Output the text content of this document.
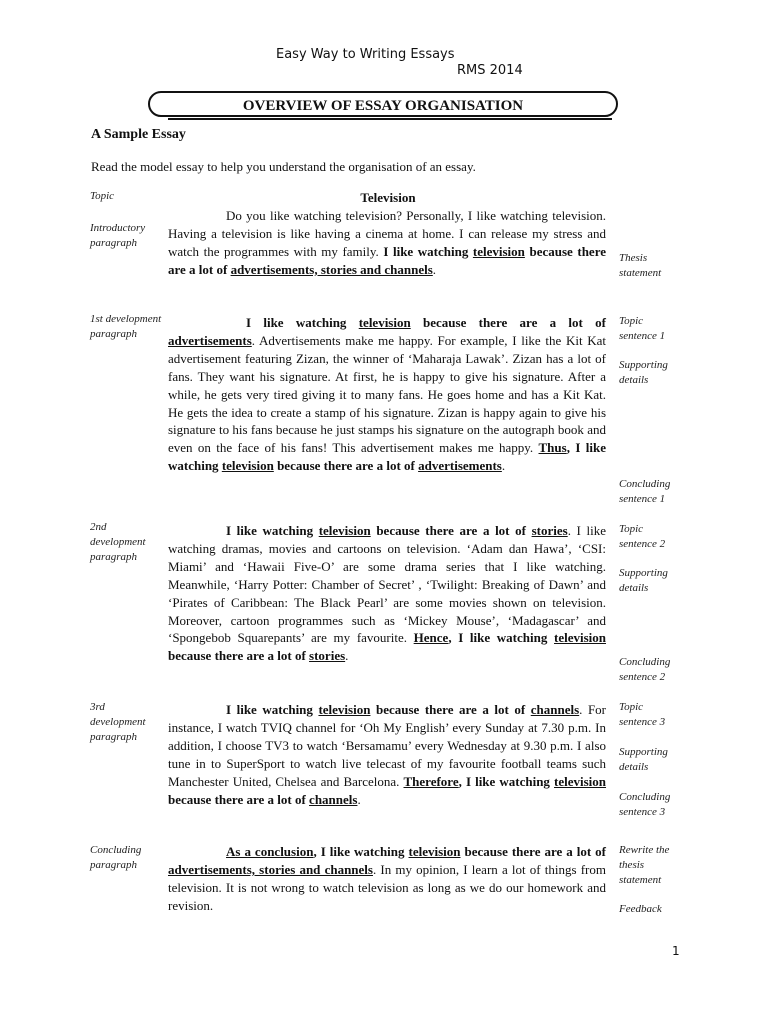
Easy Way to Writing Essays
RMS 2014
OVERVIEW OF ESSAY ORGANISATION
A Sample Essay
Read the model essay to help you understand the organisation of an essay.
Topic
Introductory paragraph
1st development paragraph
2nd development paragraph
3rd development paragraph
Concluding paragraph
Thesis statement
Topic sentence 1
Supporting details
Concluding sentence 1
Topic sentence 2
Supporting details
Concluding sentence 2
Topic sentence 3
Supporting details
Concluding sentence 3
Rewrite the thesis statement
Feedback
Television

Do you like watching television? Personally, I like watching television. Having a television is like having a cinema at home. I can release my stress and watch the programmes with my family. I like watching television because there are a lot of advertisements, stories and channels.

I like watching television because there are a lot of advertisements. Advertisements make me happy. For example, I like the Kit Kat advertisement featuring Zizan, the winner of ‘Maharaja Lawak’. Zizan has a lot of fans. They want his signature. At first, he is happy to give his signature. After a while, he gets very tired giving it to many fans. He goes home and has a Kit Kat. He gets the idea to create a stamp of his signature. Zizan is happy again to give his signature to his fans because he just stamps his signature on the autograph book and even on the face of his fans! This advertisement makes me happy. Thus, I like watching television because there are a lot of advertisements.

I like watching television because there are a lot of stories. I like watching dramas, movies and cartoons on television. ‘Adam dan Hawa’, ‘CSI: Miami’ and ‘Hawaii Five-O’ are some drama series that I like watching. Meanwhile, ‘Harry Potter: Chamber of Secret’ , ‘Twilight: Breaking of Dawn’ and ‘Pirates of Caribbean: The Black Pearl’ are some movies shown on television. Moreover, cartoon programmes such as ‘Mickey Mouse’, ‘Madagascar’ and ‘Spongebob Squarepants’ are my favourite. Hence, I like watching television because there are a lot of stories.

I like watching television because there are a lot of channels. For instance, I watch TVIQ channel for ‘Oh My English’ every Sunday at 7.30 p.m. In addition, I choose TV3 to watch ‘Bersamamu’ every Wednesday at 9.30 p.m. I also tune in to SuperSport to watch live telecast of my favourite football teams such Manchester United, Chelsea and Barcelona. Therefore, I like watching television because there are a lot of channels.

As a conclusion, I like watching television because there are a lot of advertisements, stories and channels. In my opinion, I learn a lot of things from television. It is not wrong to watch television as long as we do our homework and revision.

1
